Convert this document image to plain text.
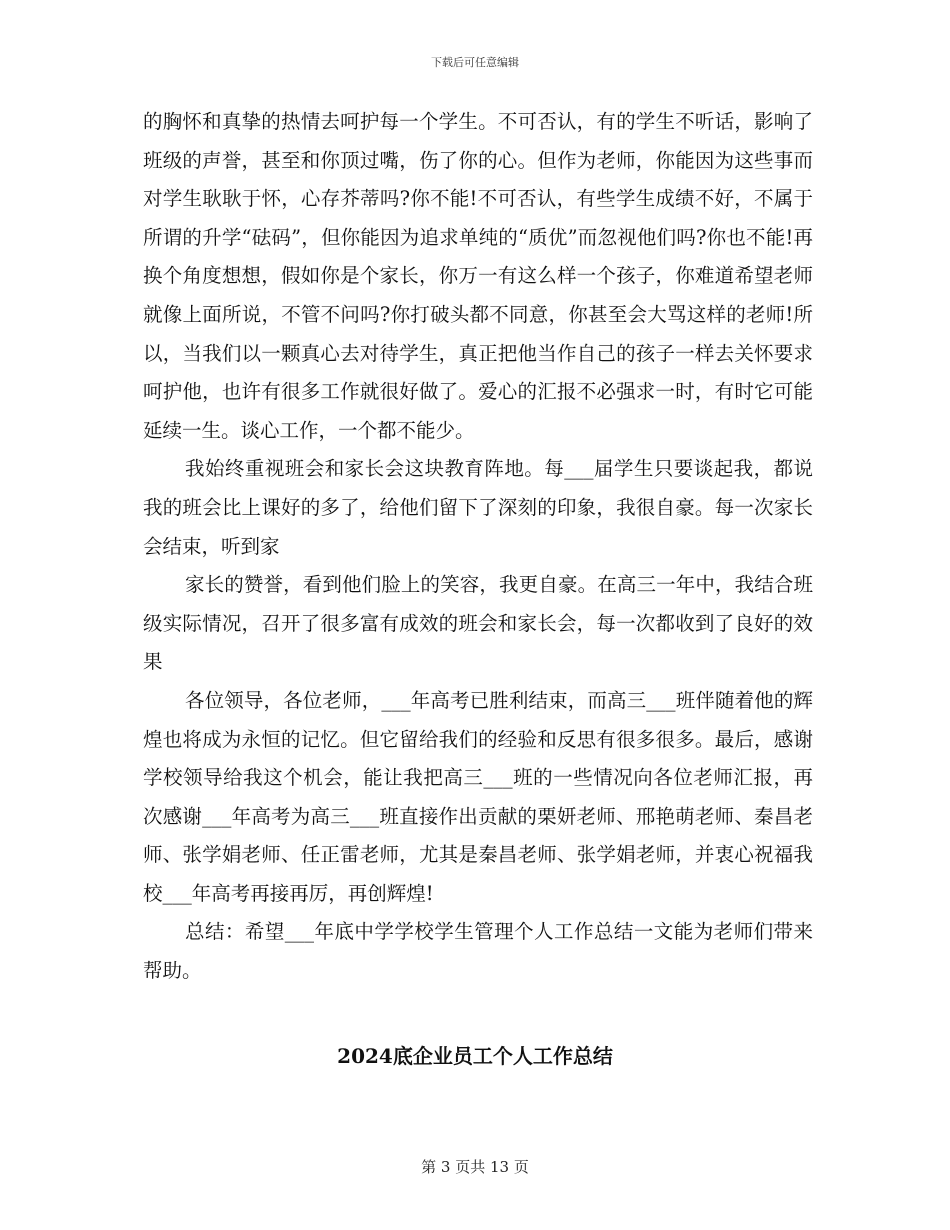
下载后可任意编辑

的胸怀和真挚的热情去呵护每一个学生。不可否认，有的学生不听话，影响了班级的声誉，甚至和你顶过嘴，伤了你的心。但作为老师，你能因为这些事而对学生耿耿于怀，心存芥蒂吗?你不能!不可否认，有些学生成绩不好，不属于所谓的升学“砝码”，但你能因为追求单纯的“质优”而忽视他们吗?你也不能!再换个角度想想，假如你是个家长，你万一有这么样一个孩子，你难道希望老师就像上面所说，不管不问吗?你打破头都不同意，你甚至会大骂这样的老师!所以，当我们以一颗真心去对待学生，真正把他当作自己的孩子一样去关怀要求呵护他，也许有很多工作就很好做了。爱心的汇报不必强求一时，有时它可能延续一生。谈心工作，一个都不能少。

我始终重视班会和家长会这块教育阵地。每___届学生只要谈起我，都说我的班会比上课好的多了，给他们留下了深刻的印象，我很自豪。每一次家长会结束，听到家

家长的赞誉，看到他们脸上的笑容，我更自豪。在高三一年中，我结合班级实际情况，召开了很多富有成效的班会和家长会，每一次都收到了良好的效果

各位领导，各位老师，___年高考已胜利结束，而高三___班伴随着他的辉煌也将成为永恒的记忆。但它留给我们的经验和反思有很多很多。最后，感谢学校领导给我这个机会，能让我把高三___班的一些情况向各位老师汇报，再次感谢___年高考为高三___班直接作出贡献的栗妍老师、邢艳萌老师、秦昌老师、张学娟老师、任正雷老师，尤其是秦昌老师、张学娟老师，并衷心祝福我校___年高考再接再厉，再创辉煌!

总结：希望___年底中学学校学生管理个人工作总结一文能为老师们带来帮助。

2024底企业员工个人工作总结
第 3 页共 13 页
